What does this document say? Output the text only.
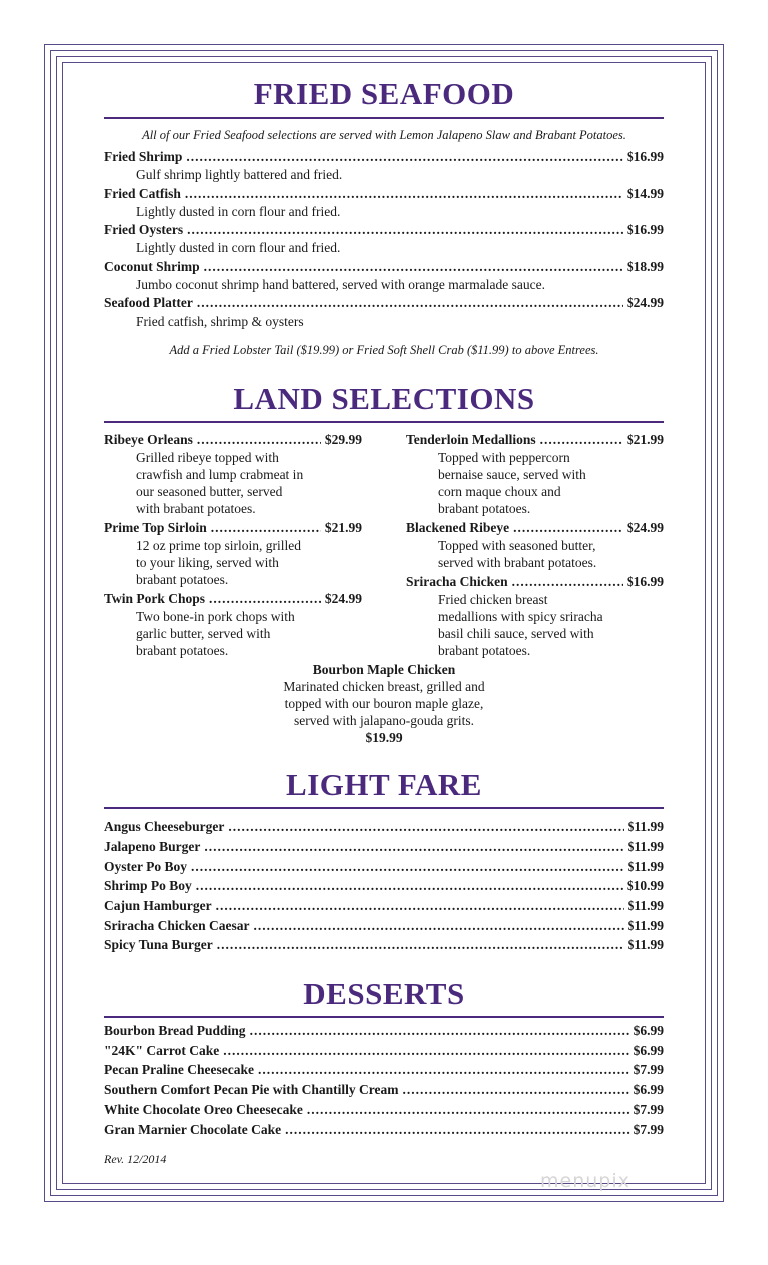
FRIED SEAFOOD
All of our Fried Seafood selections are served with Lemon Jalapeno Slaw and Brabant Potatoes.
Fried Shrimp .....	$16.99
Gulf shrimp lightly battered and fried.
Fried Catfish .....	$14.99
Lightly dusted in corn flour and fried.
Fried Oysters .....	$16.99
Lightly dusted in corn flour and fried.
Coconut Shrimp .....	$18.99
Jumbo coconut shrimp hand battered, served with orange marmalade sauce.
Seafood Platter .....	$24.99
Fried catfish, shrimp & oysters
Add a Fried Lobster Tail ($19.99) or Fried Soft Shell Crab ($11.99) to above Entrees.
LAND SELECTIONS
Ribeye Orleans .....	$29.99
Grilled ribeye topped with
crawfish and lump crabmeat in
our seasoned butter, served
with brabant potatoes.
Prime Top Sirloin .....	$21.99
12 oz prime top sirloin, grilled
to your liking, served with
brabant potatoes.
Twin Pork Chops .....	$24.99
Two bone-in pork chops with
garlic butter, served with
brabant potatoes.
Tenderloin Medallions .....	$21.99
Topped with peppercorn
bernaise sauce, served with
corn maque choux and
brabant potatoes.
Blackened Ribeye .....	$24.99
Topped with seasoned butter,
served with brabant potatoes.
Sriracha Chicken .....	$16.99
Fried chicken breast
medallions with spicy sriracha
basil chili sauce, served with
brabant potatoes.
Bourbon Maple Chicken
Marinated chicken breast, grilled and
topped with our bouron maple glaze,
served with jalapano-gouda grits.
$19.99
LIGHT FARE
Angus Cheeseburger .....	$11.99
Jalapeno Burger .....	$11.99
Oyster Po Boy .....	$11.99
Shrimp Po Boy .....	$10.99
Cajun Hamburger .....	$11.99
Sriracha Chicken Caesar .....	$11.99
Spicy Tuna Burger .....	$11.99
DESSERTS
Bourbon Bread Pudding .....	$6.99
"24K" Carrot Cake .....	$6.99
Pecan Praline Cheesecake .....	$7.99
Southern Comfort Pecan Pie with Chantilly Cream .....	$6.99
White Chocolate Oreo Cheesecake .....	$7.99
Gran Marnier Chocolate Cake .....	$7.99
Rev. 12/2014
menupix
